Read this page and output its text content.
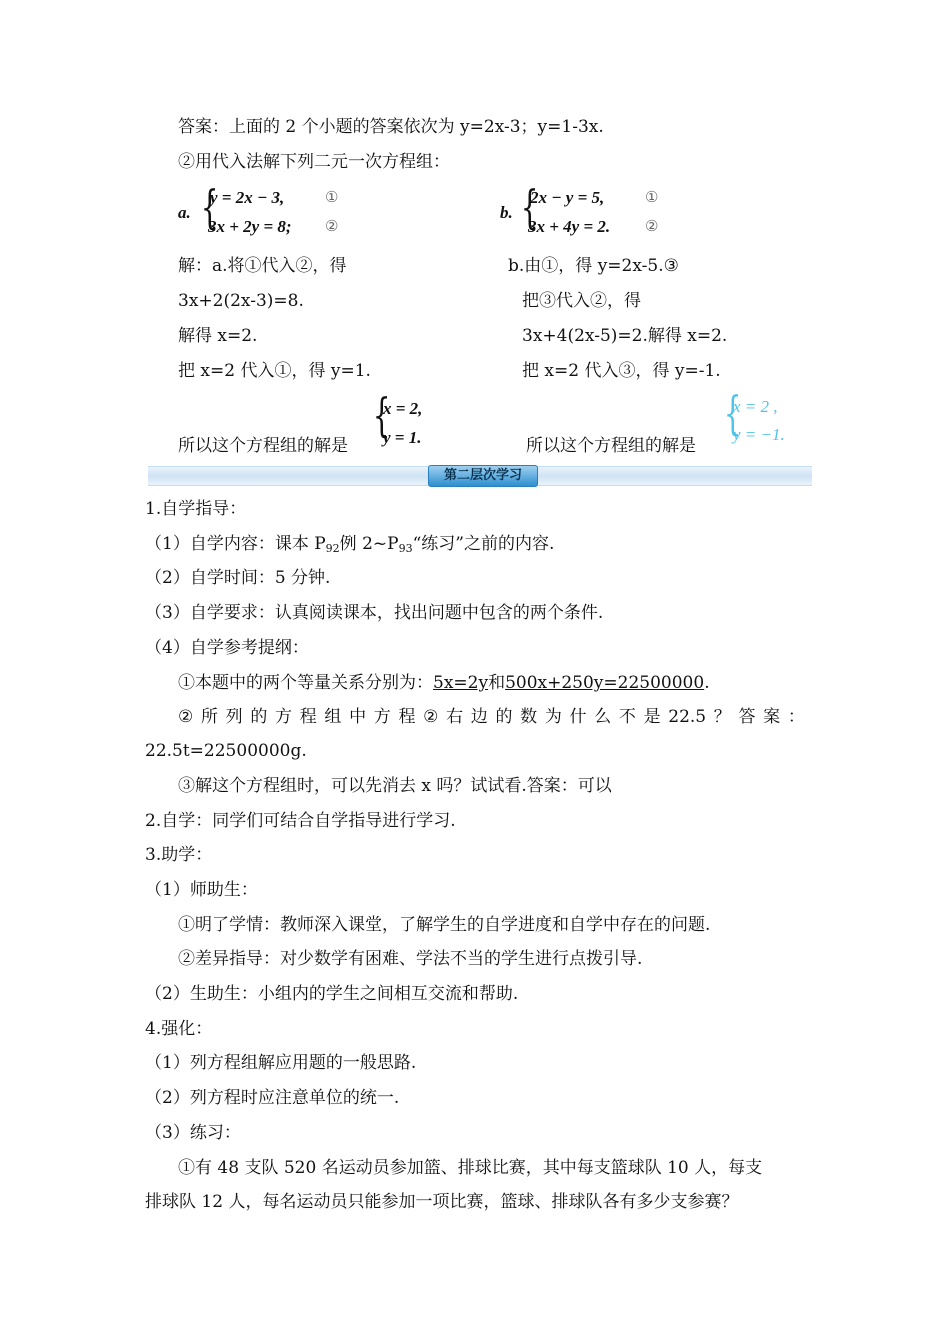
答案：上面的 2 个小题的答案依次为 y=2x-3；y=1-3x.
②用代入法解下列二元一次方程组：
a. {
y = 2x − 3,
3x + 2y = 8;
①
②
b. {
2x − y = 5,
3x + 4y = 2.
①
②
解：a.将①代入②，得
3x+2(2x-3)=8.
解得 x=2.
把 x=2 代入①，得 y=1.
b.由①，得 y=2x-5.③
把③代入②，得
3x+4(2x-5)=2.解得 x=2.
把 x=2 代入③，得 y=-1.
所以这个方程组的解是
{
x = 2,
y = 1.	所以这个方程组的解是
{
x = 2 ,
y = −1.
第二层次学习
1.自学指导：
（1）自学内容：课本 $P_{92}$例 $2\sim P_{93}“$练习”之前的内容.
（2）自学时间：5 分钟.
（3）自学要求：认真阅读课本，找出问题中包含的两个条件.
（4）自学参考提纲：
①本题中的两个等量关系分别为：5x=2y和500x+250y=22500000.
② 所 列 的 方 程 组 中 方 程 ② 右 边 的 数 为 什 么 不 是 22.5 ？ 答 案 ：
22.5t=22500000g.
③解这个方程组时，可以先消去 x 吗？试试看.答案：可以
2.自学：同学们可结合自学指导进行学习.
3.助学：
（1）师助生：
①明了学情：教师深入课堂，了解学生的自学进度和自学中存在的问题.
②差异指导：对少数学有困难、学法不当的学生进行点拨引导.
（2）生助生：小组内的学生之间相互交流和帮助.
4.强化：
（1）列方程组解应用题的一般思路.
（2）列方程时应注意单位的统一.
（3）练习：
①有 48 支队 520 名运动员参加篮、排球比赛，其中每支篮球队 10 人，每支
排球队 12 人，每名运动员只能参加一项比赛，篮球、排球队各有多少支参赛？
